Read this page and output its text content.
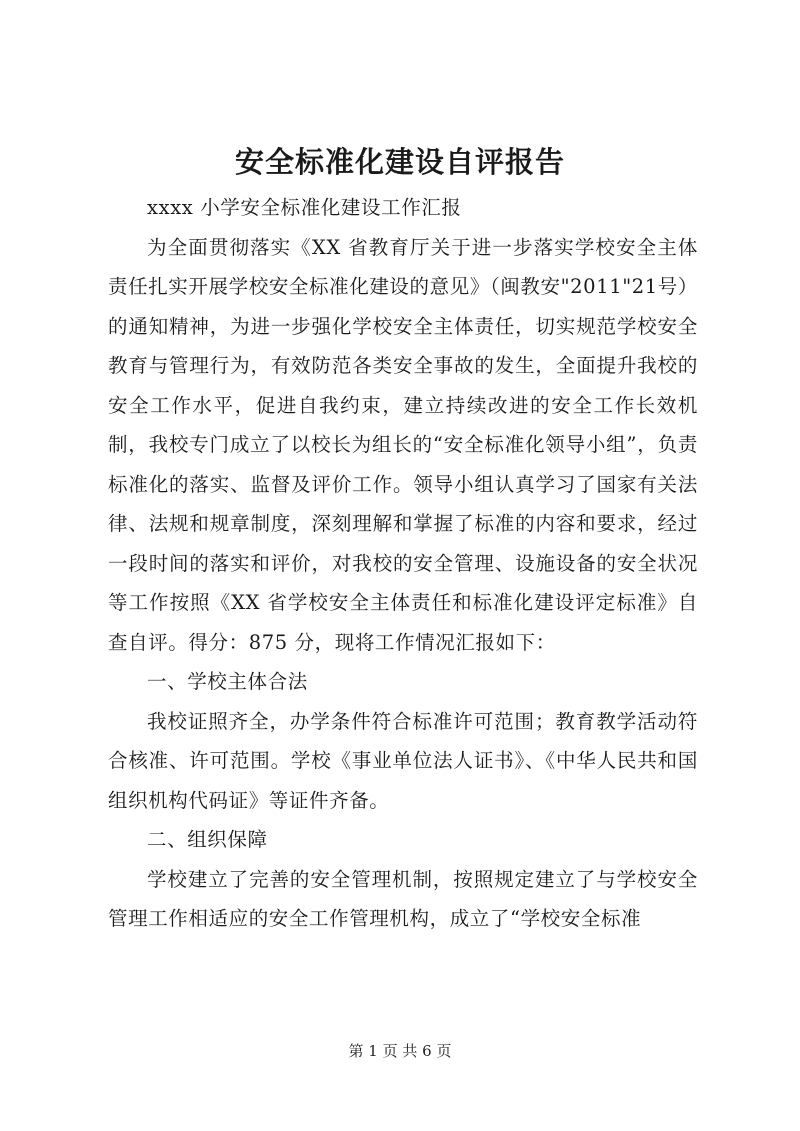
安全标准化建设自评报告

xxxx 小学安全标准化建设工作汇报

为全面贯彻落实《XX 省教育厅关于进一步落实学校安全主体责任扎实开展学校安全标准化建设的意见》（闽教安"2011"21号）的通知精神，为进一步强化学校安全主体责任，切实规范学校安全教育与管理行为，有效防范各类安全事故的发生，全面提升我校的安全工作水平，促进自我约束，建立持续改进的安全工作长效机制，我校专门成立了以校长为组长的“安全标准化领导小组”，负责标准化的落实、监督及评价工作。领导小组认真学习了国家有关法律、法规和规章制度，深刻理解和掌握了标准的内容和要求，经过一段时间的落实和评价，对我校的安全管理、设施设备的安全状况等工作按照《XX 省学校安全主体责任和标准化建设评定标准》自查自评。得分：875 分，现将工作情况汇报如下：

一、学校主体合法

我校证照齐全，办学条件符合标准许可范围；教育教学活动符合核准、许可范围。学校《事业单位法人证书》、《中华人民共和国组织机构代码证》等证件齐备。

二、组织保障

学校建立了完善的安全管理机制，按照规定建立了与学校安全管理工作相适应的安全工作管理机构，成立了“学校安全标准

第 1 页 共 6 页
